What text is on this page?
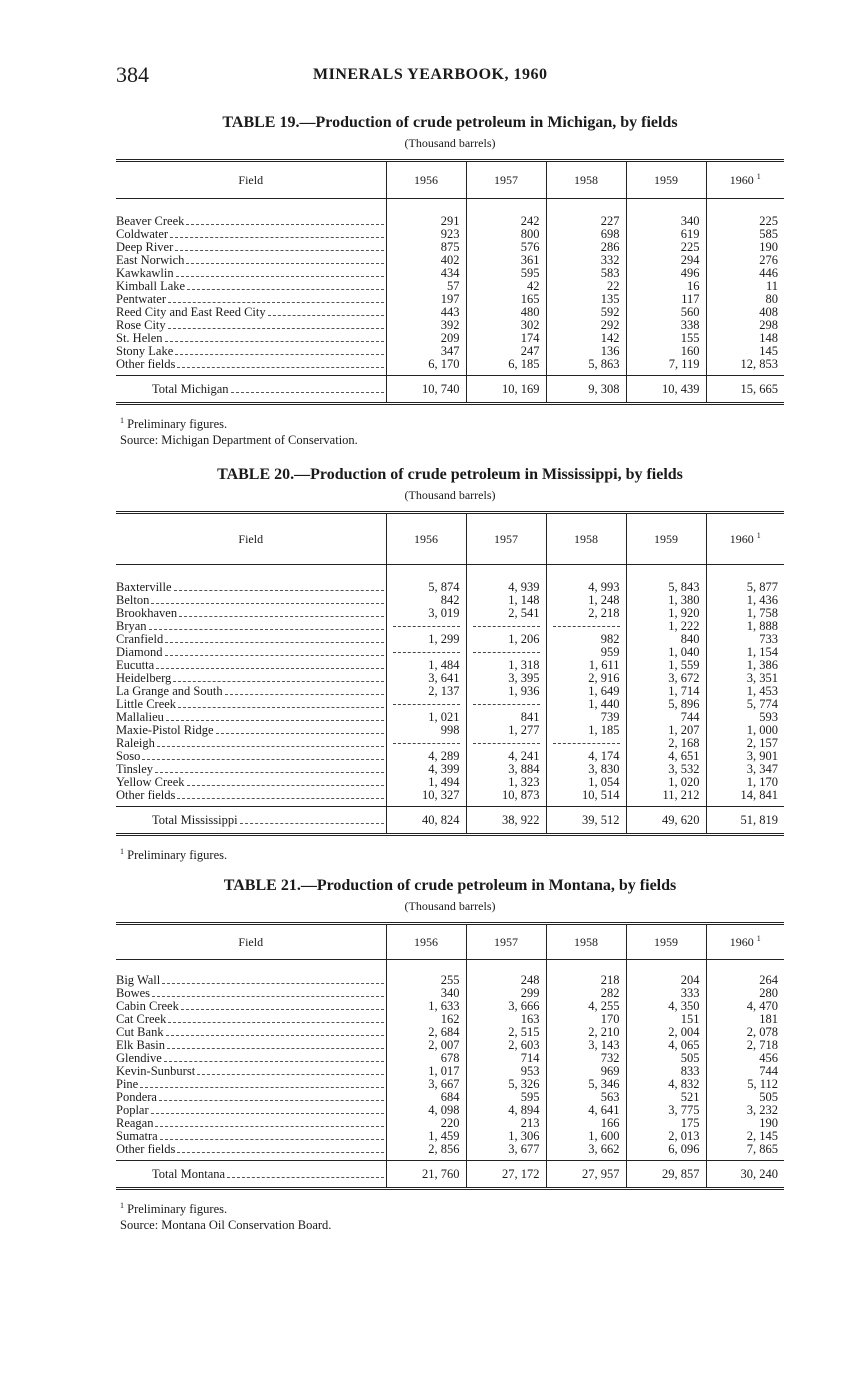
384	MINERALS YEARBOOK, 1960
TABLE 19.—Production of crude petroleum in Michigan, by fields
(Thousand barrels)
Field	1956	1957	1958	1959	1960 $^1$

Beaver Creek	291	242	227	340	225

Coldwater	923	800	698	619	585

Deep River	875	576	286	225	190

East Norwich	402	361	332	294	276

Kawkawlin	434	595	583	496	446

Kimball Lake	57	42	22	16	11

Pentwater	197	165	135	117	80

Reed City and East Reed City	443	480	592	560	408

Rose City	392	302	292	338	298

St. Helen	209	174	142	155	148

Stony Lake	347	247	136	160	145

Other fields	6, 170	6, 185	5, 863	7, 119	12, 853

Total Michigan	10, 740	10, 169	9, 308	10, 439	15, 665
$^1$ Preliminary figures.
Source: Michigan Department of Conservation.
TABLE 20.—Production of crude petroleum in Mississippi, by fields
(Thousand barrels)
Field	1956	1957	1958	1959	1960 $^1$

Baxterville	5, 874	4, 939	4, 993	5, 843	5, 877

Belton	842	1, 148	1, 248	1, 380	1, 436

Brookhaven	3, 019	2, 541	2, 218	1, 920	1, 758

Bryan				1, 222	1, 888

Cranfield	1, 299	1, 206	982	840	733

Diamond			959	1, 040	1, 154

Eucutta	1, 484	1, 318	1, 611	1, 559	1, 386

Heidelberg	3, 641	3, 395	2, 916	3, 672	3, 351

La Grange and South	2, 137	1, 936	1, 649	1, 714	1, 453

Little Creek			1, 440	5, 896	5, 774

Mallalieu	1, 021	841	739	744	593

Maxie-Pistol Ridge	998	1, 277	1, 185	1, 207	1, 000

Raleigh				2, 168	2, 157

Soso	4, 289	4, 241	4, 174	4, 651	3, 901

Tinsley	4, 399	3, 884	3, 830	3, 532	3, 347

Yellow Creek	1, 494	1, 323	1, 054	1, 020	1, 170

Other fields	10, 327	10, 873	10, 514	11, 212	14, 841

Total Mississippi	40, 824	38, 922	39, 512	49, 620	51, 819
$^1$ Preliminary figures.
TABLE 21.—Production of crude petroleum in Montana, by fields
(Thousand barrels)
Field	1956	1957	1958	1959	1960 $^1$

Big Wall	255	248	218	204	264

Bowes	340	299	282	333	280

Cabin Creek	1, 633	3, 666	4, 255	4, 350	4, 470

Cat Creek	162	163	170	151	181

Cut Bank	2, 684	2, 515	2, 210	2, 004	2, 078

Elk Basin	2, 007	2, 603	3, 143	4, 065	2, 718

Glendive	678	714	732	505	456

Kevin-Sunburst	1, 017	953	969	833	744

Pine	3, 667	5, 326	5, 346	4, 832	5, 112

Pondera	684	595	563	521	505

Poplar	4, 098	4, 894	4, 641	3, 775	3, 232

Reagan	220	213	166	175	190

Sumatra	1, 459	1, 306	1, 600	2, 013	2, 145

Other fields	2, 856	3, 677	3, 662	6, 096	7, 865

Total Montana	21, 760	27, 172	27, 957	29, 857	30, 240
$^1$ Preliminary figures.
Source: Montana Oil Conservation Board.
